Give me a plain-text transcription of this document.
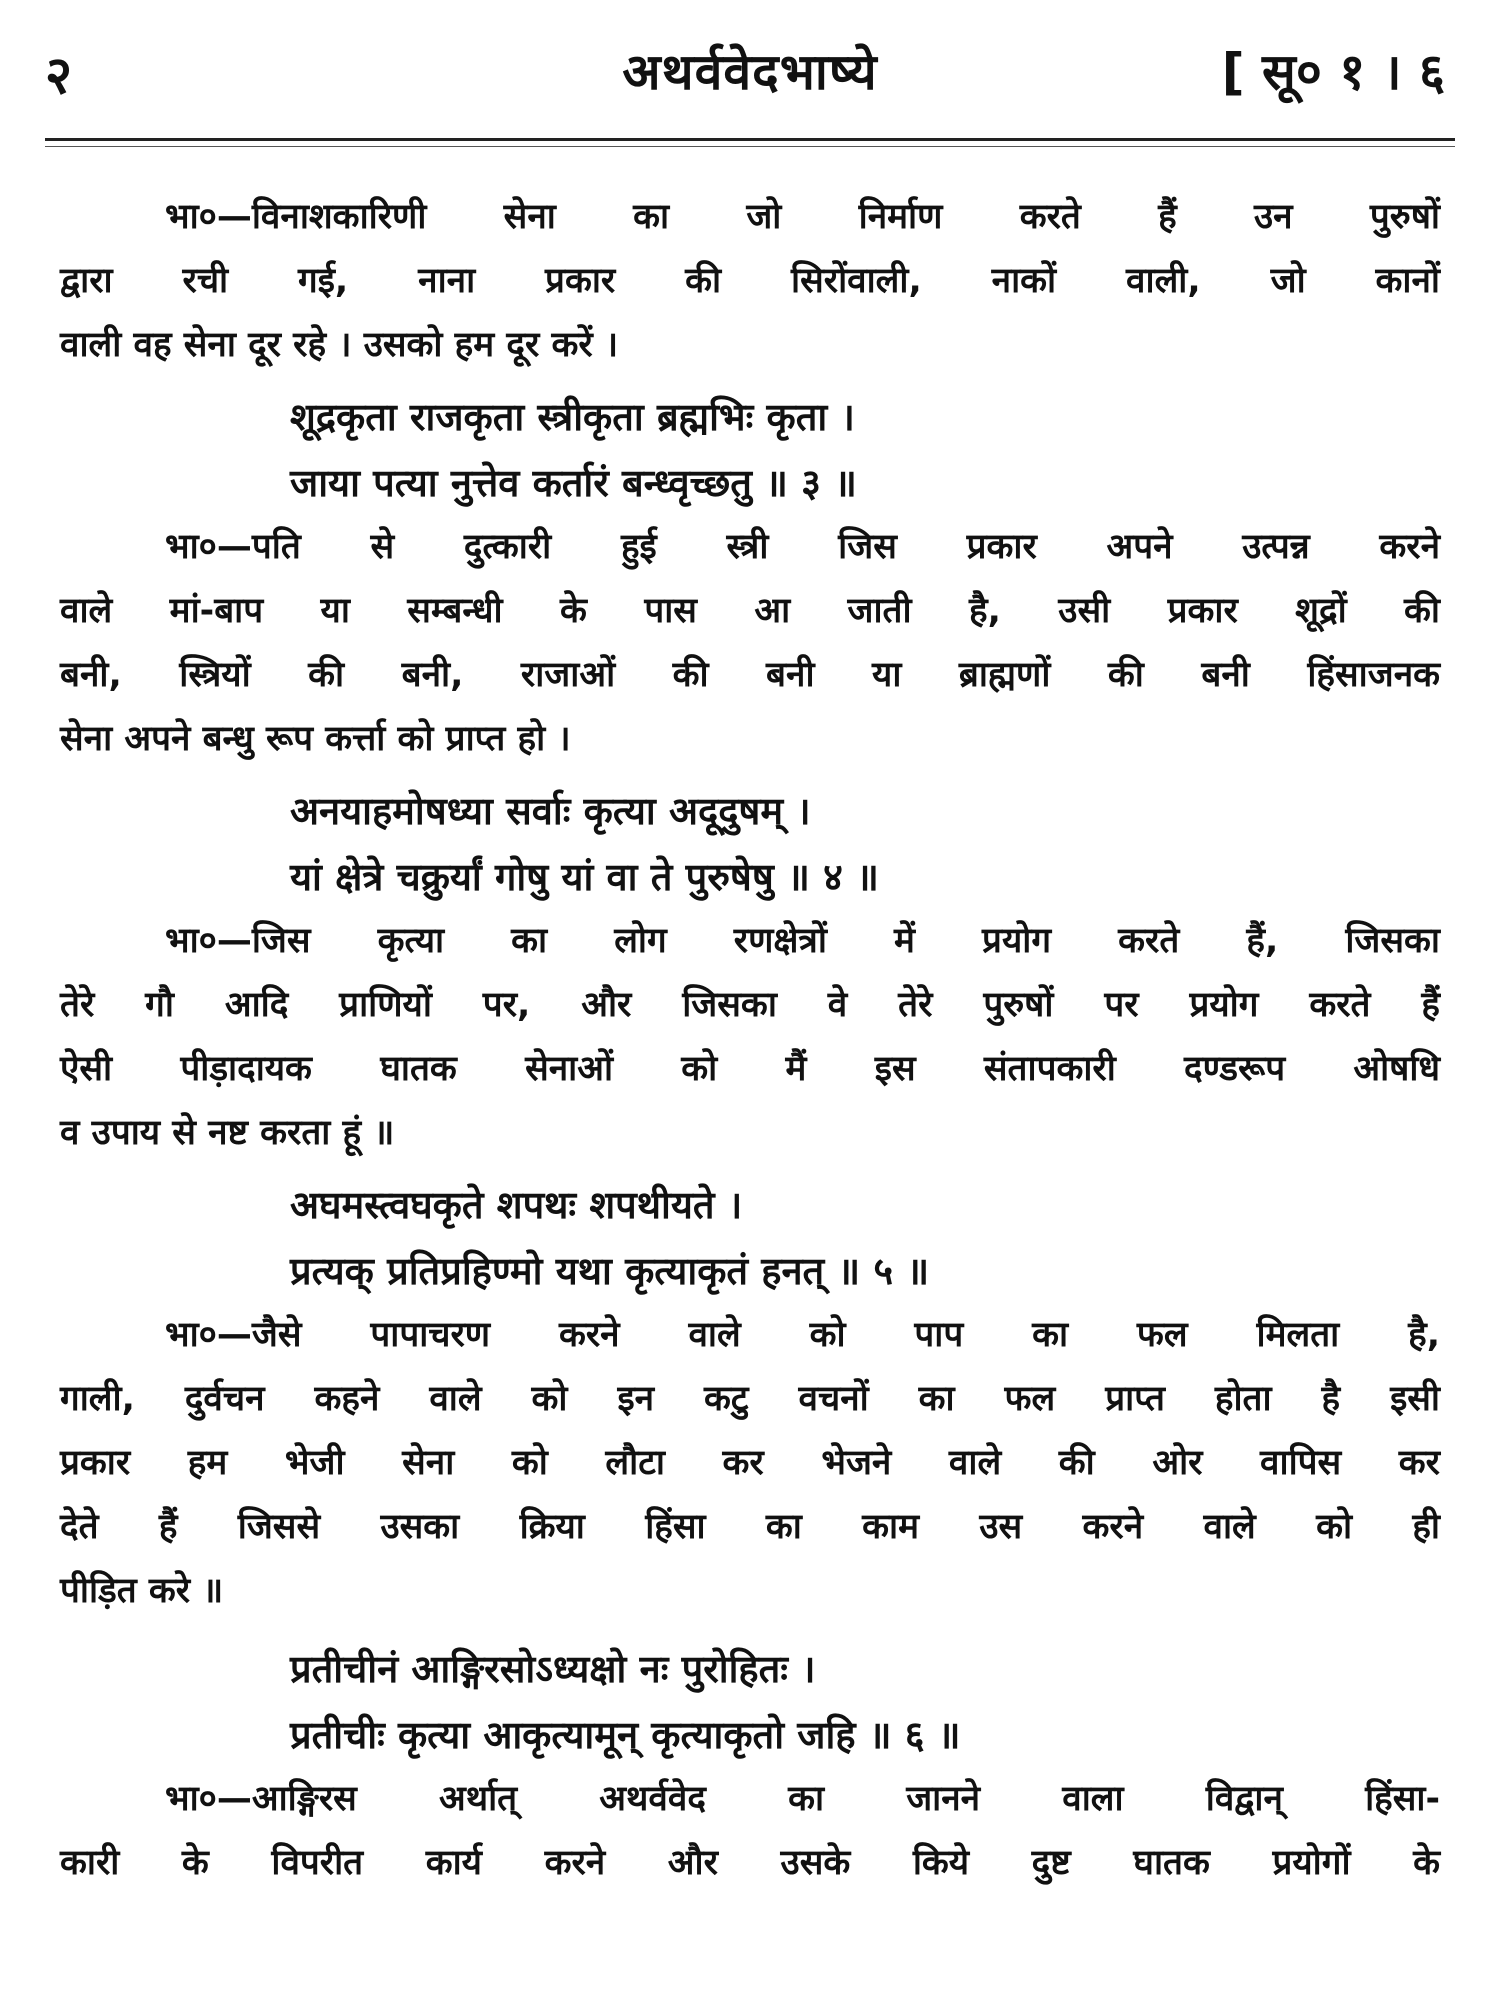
२	अथर्ववेदभाष्ये	[ सू० १ । ६
भा०—विनाशकारिणी सेना का जो निर्माण करते हैं उन पुरुषों
द्वारा रची गई, नाना प्रकार की सिरोंवाली, नाकों वाली, जो कानों
वाली वह सेना दूर रहे । उसको हम दूर करें ।
शूद्रकृता राजकृता स्त्रीकृता ब्रह्मभिः कृता ।
जाया पत्या नुत्तेव कर्तारं बन्ध्वृच्छतु ॥ ३ ॥
भा०—पति से दुत्कारी हुई स्त्री जिस प्रकार अपने उत्पन्न करने
वाले मां-बाप या सम्बन्धी के पास आ जाती है, उसी प्रकार शूद्रों की
बनी, स्त्रियों की बनी, राजाओं की बनी या ब्राह्मणों की बनी हिंसाजनक
सेना अपने बन्धु रूप कर्त्ता को प्राप्त हो ।
अनयाहमोषध्या सर्वाः कृत्या अदूदुषम् ।
यां क्षेत्रे चक्रुर्यां गोषु यां वा ते पुरुषेषु ॥ ४ ॥
भा०—जिस कृत्या का लोग रणक्षेत्रों में प्रयोग करते हैं, जिसका
तेरे गौ आदि प्राणियों पर, और जिसका वे तेरे पुरुषों पर प्रयोग करते हैं
ऐसी पीड़ादायक घातक सेनाओं को मैं इस संतापकारी दण्डरूप ओषधि
व उपाय से नष्ट करता हूं ॥
अघमस्त्वघकृते शपथः शपथीयते ।
प्रत्यक् प्रतिप्रहिण्मो यथा कृत्याकृतं हनत् ॥ ५ ॥
भा०—जैसे पापाचरण करने वाले को पाप का फल मिलता है,
गाली, दुर्वचन कहने वाले को इन कटु वचनों का फल प्राप्त होता है इसी
प्रकार हम भेजी सेना को लौटा कर भेजने वाले की ओर वापिस कर
देते हैं जिससे उसका क्रिया हिंसा का काम उस करने वाले को ही
पीड़ित करे ॥
प्रतीचीनं आङ्गिरसोऽध्यक्षो नः पुरोहितः ।
प्रतीचीः कृत्या आकृत्यामून् कृत्याकृतो जहि ॥ ६ ॥
भा०—आङ्गिरस अर्थात् अथर्ववेद का जानने वाला विद्वान् हिंसा-
कारी के विपरीत कार्य करने और उसके किये दुष्ट घातक प्रयोगों के
